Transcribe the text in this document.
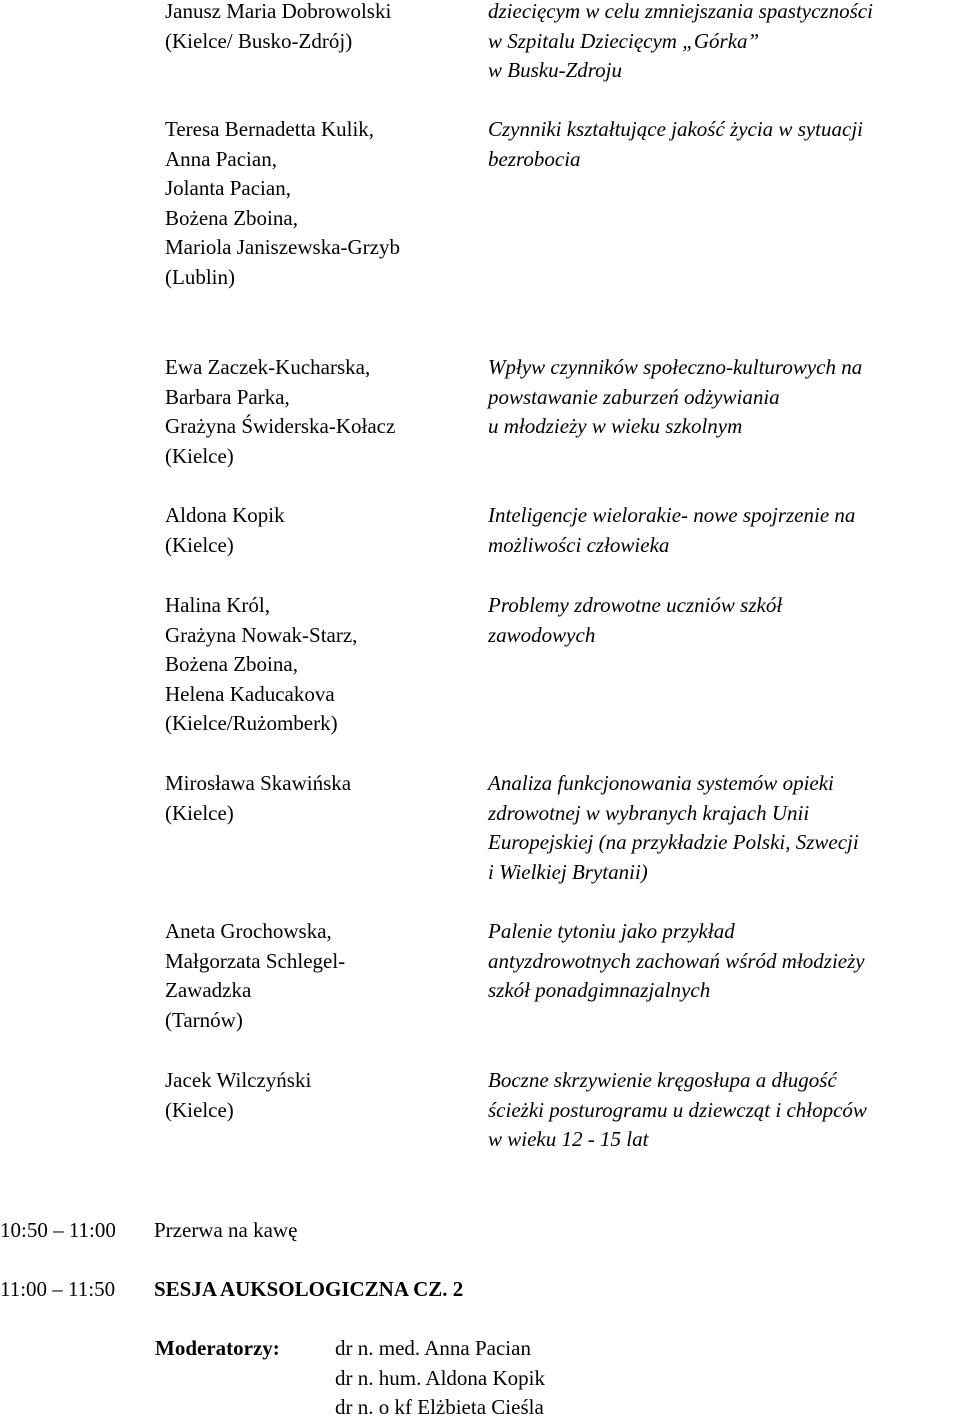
Janusz Maria Dobrowolski
(Kielce/ Busko-Zdrój)
dziecięcym w celu zmniejszania spastyczności
w Szpitalu Dziecięcym „Górka”
w Busku-Zdroju
Teresa Bernadetta Kulik,
Anna Pacian,
Jolanta Pacian,
Bożena Zboina,
Mariola Janiszewska-Grzyb
(Lublin)
Czynniki kształtujące jakość życia w sytuacji
bezrobocia
Ewa Zaczek-Kucharska,
Barbara Parka,
Grażyna Świderska-Kołacz
(Kielce)
Wpływ czynników społeczno-kulturowych na
powstawanie zaburzeń odżywiania
u młodzieży w wieku szkolnym
Aldona Kopik
(Kielce)
Inteligencje wielorakie- nowe spojrzenie na
możliwości człowieka
Halina Król,
Grażyna Nowak-Starz,
Bożena Zboina,
Helena Kaducakova
(Kielce/Rużomberk)
Problemy zdrowotne uczniów szkół
zawodowych
Mirosława Skawińska
(Kielce)
Analiza funkcjonowania systemów opieki
zdrowotnej w wybranych krajach Unii
Europejskiej (na przykładzie Polski, Szwecji
i Wielkiej Brytanii)
Aneta Grochowska,
Małgorzata Schlegel-
Zawadzka
(Tarnów)
Palenie tytoniu jako przykład
antyzdrowotnych zachowań wśród młodzieży
szkół ponadgimnazjalnych
Jacek Wilczyński
(Kielce)
Boczne skrzywienie kręgosłupa a długość
ścieżki posturogramu u dziewcząt i chłopców
w wieku 12 - 15 lat
10:50 – 11:00 Przerwa na kawę
11:00 – 11:50 SESJA AUKSOLOGICZNA CZ. 2
Moderatorzy:	dr n. med. Anna Pacian
dr n. hum. Aldona Kopik
dr n. o kf Elżbieta Cieśla
